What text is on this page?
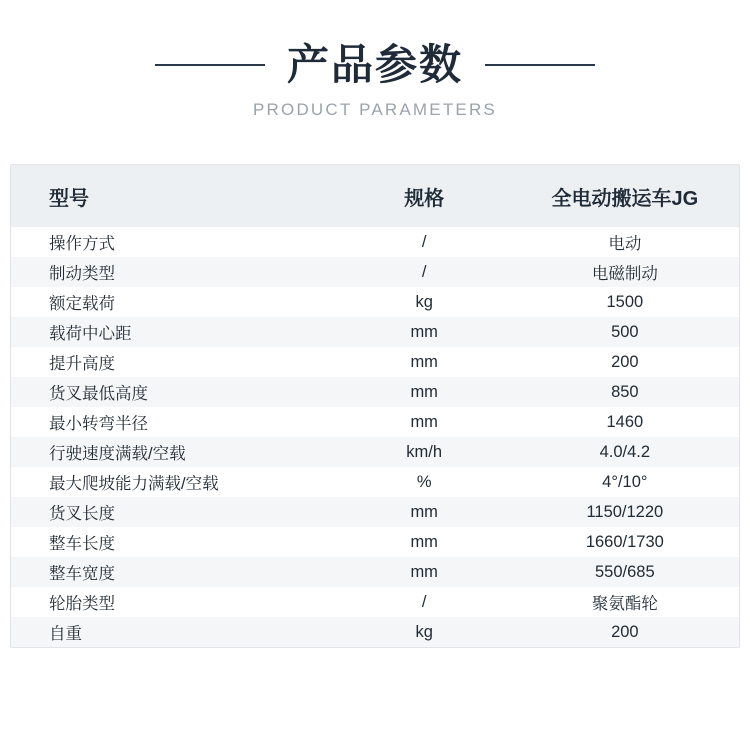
产品参数
PRODUCT PARAMETERS
型号	规格	全电动搬运车JG
操作方式	/	电动
制动类型	/	电磁制动
额定载荷	kg	1500
载荷中心距	mm	500
提升高度	mm	200
货叉最低高度	mm	850
最小转弯半径	mm	1460
行驶速度满载/空载	km/h	4.0/4.2
最大爬坡能力满载/空载	%	4°/10°
货叉长度	mm	1150/1220
整车长度	mm	1660/1730
整车宽度	mm	550/685
轮胎类型	/	聚氨酯轮
自重	kg	200
